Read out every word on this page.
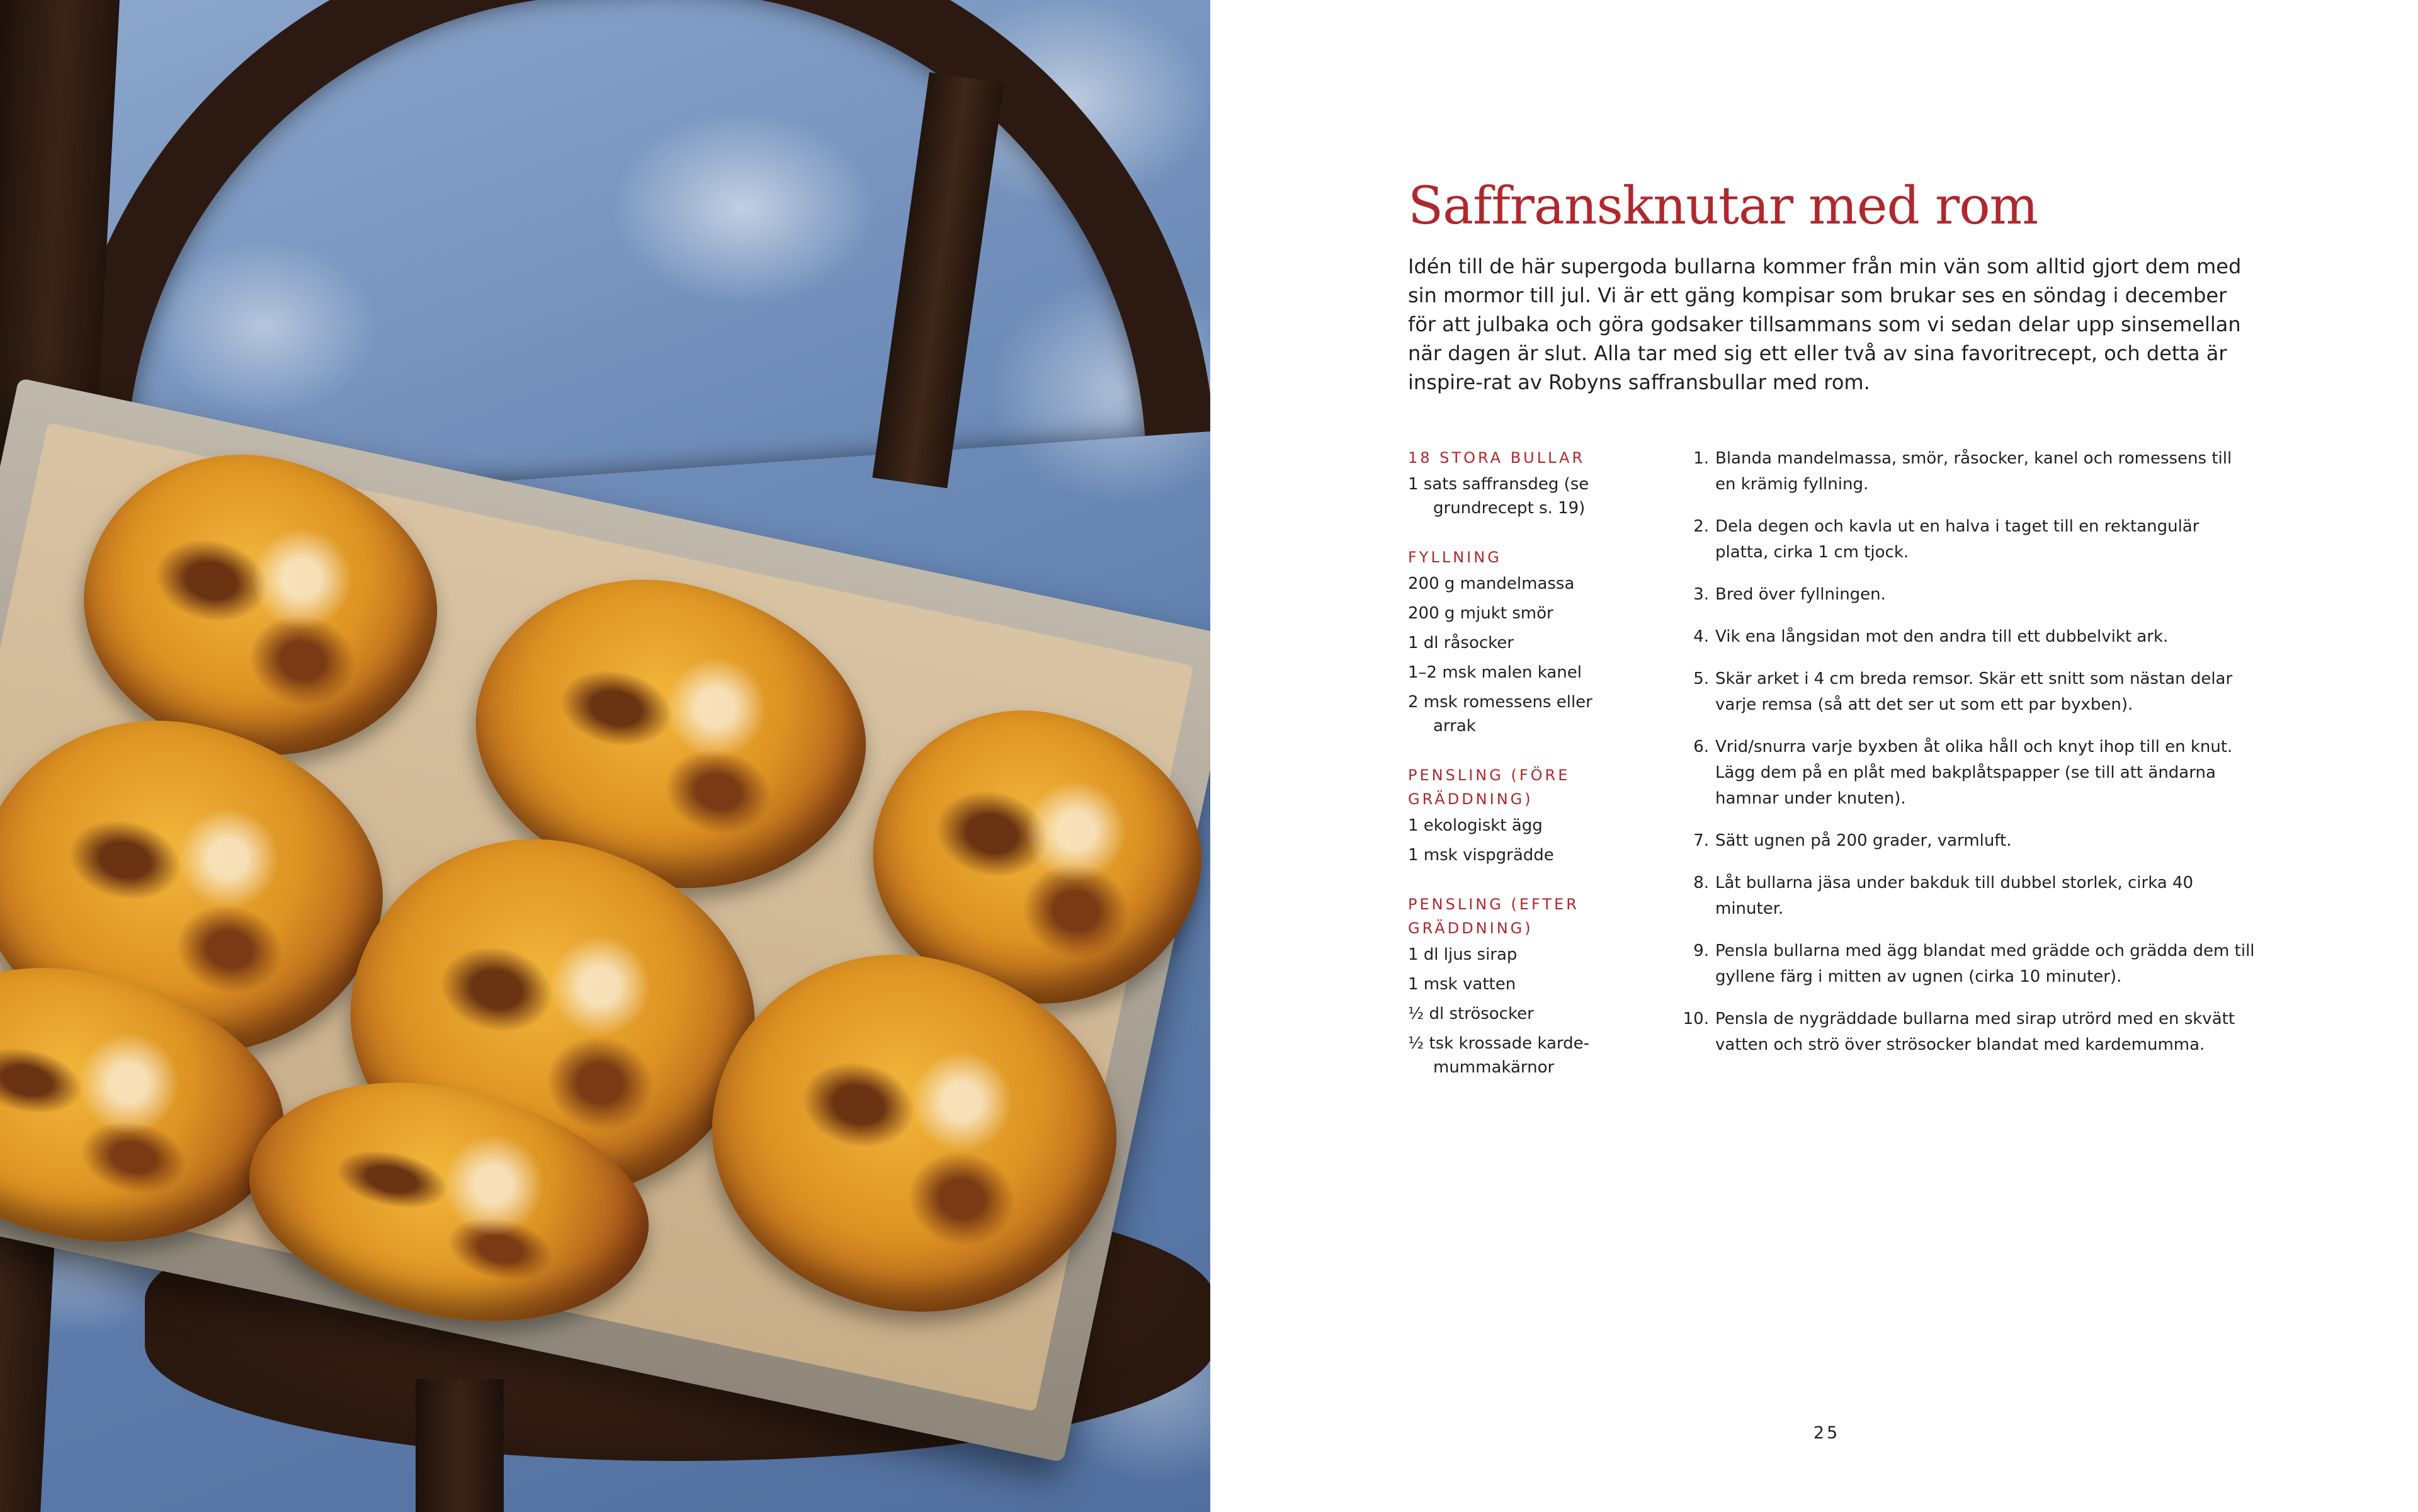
Saffransknutar med rom

Idén till de här supergoda bullarna kommer från min vän som alltid gjort dem med sin mormor till jul. Vi är ett gäng kompisar som brukar ses en söndag i december för att julbaka och göra godsaker tillsammans som vi sedan delar upp sinsemellan när dagen är slut. Alla tar med sig ett eller två av sina favoritrecept, och detta är inspire-rat av Robyns saffransbullar med rom.

18 STORA BULLAR
1 sats saffransdeg (se grundrecept s. 19)
FYLLNING
200 g mandelmassa
200 g mjukt smör
1 dl råsocker
1–2 msk malen kanel
2 msk romessens eller arrak
PENSLING (FÖRE GRÄDDNING)
1 ekologiskt ägg
1 msk vispgrädde
PENSLING (EFTER GRÄDDNING)
1 dl ljus sirap
1 msk vatten
½ dl strösocker
½ tsk krossade karde-mummakärnor
1. Blanda mandelmassa, smör, råsocker, kanel och romessens till en krämig fyllning.
2. Dela degen och kavla ut en halva i taget till en rektangulär platta, cirka 1 cm tjock.
3. Bred över fyllningen.
4. Vik ena långsidan mot den andra till ett dubbelvikt ark.
5. Skär arket i 4 cm breda remsor. Skär ett snitt som nästan delar varje remsa (så att det ser ut som ett par byxben).
6. Vrid/snurra varje byxben åt olika håll och knyt ihop till en knut. Lägg dem på en plåt med bakplåtspapper (se till att ändarna hamnar under knuten).
7. Sätt ugnen på 200 grader, varmluft.
8. Låt bullarna jäsa under bakduk till dubbel storlek, cirka 40 minuter.
9. Pensla bullarna med ägg blandat med grädde och grädda dem till gyllene färg i mitten av ugnen (cirka 10 minuter).
10. Pensla de nygräddade bullarna med sirap utrörd med en skvätt vatten och strö över strösocker blandat med kardemumma.
25
